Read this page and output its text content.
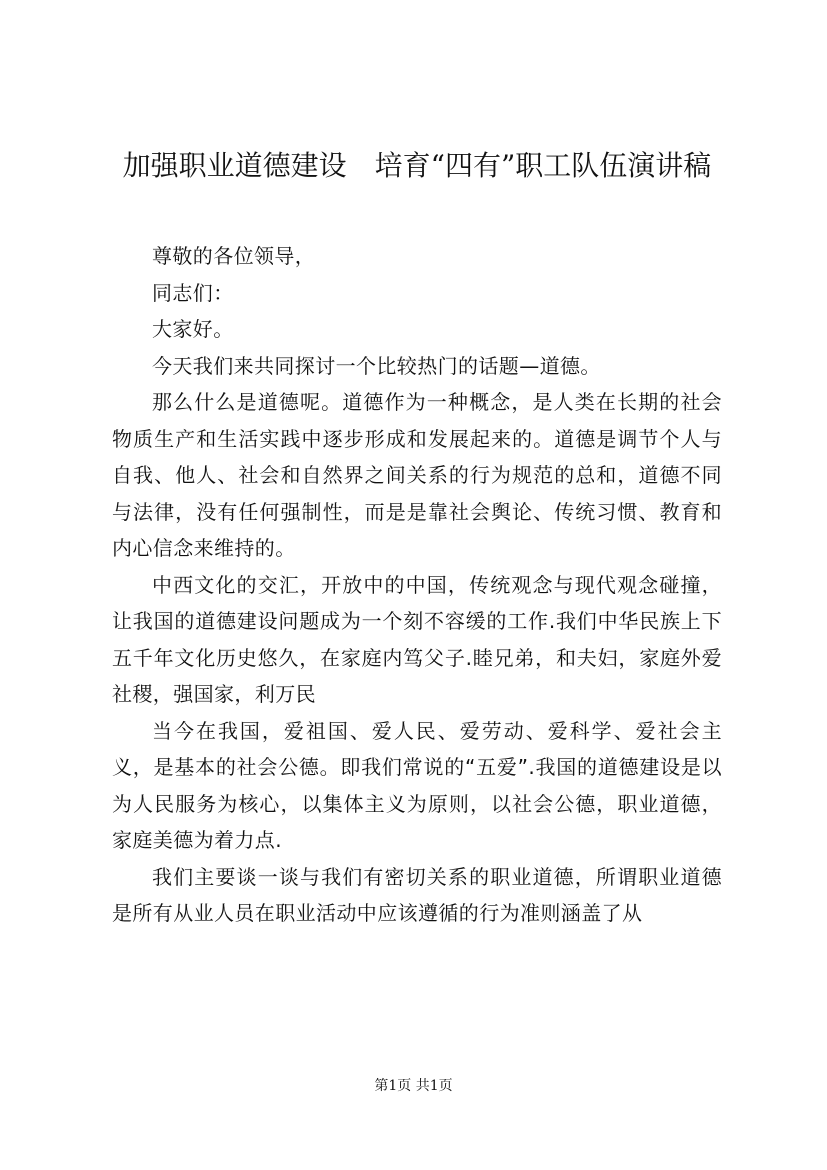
加强职业道德建设　培育“四有”职工队伍演讲稿

尊敬的各位领导，

同志们：

大家好。

今天我们来共同探讨一个比较热门的话题—道德。

那么什么是道德呢。道德作为一种概念，是人类在长期的社会物质生产和生活实践中逐步形成和发展起来的。道德是调节个人与自我、他人、社会和自然界之间关系的行为规范的总和，道德不同与法律，没有任何强制性，而是是靠社会舆论、传统习惯、教育和内心信念来维持的。

中西文化的交汇，开放中的中国，传统观念与现代观念碰撞，让我国的道德建设问题成为一个刻不容缓的工作.我们中华民族上下五千年文化历史悠久，在家庭内笃父子.睦兄弟，和夫妇，家庭外爱社稷，强国家，利万民

当今在我国，爱祖国、爱人民、爱劳动、爱科学、爱社会主义，是基本的社会公德。即我们常说的“五爱”.我国的道德建设是以为人民服务为核心，以集体主义为原则，以社会公德，职业道德，家庭美德为着力点.

我们主要谈一谈与我们有密切关系的职业道德，所谓职业道德是所有从业人员在职业活动中应该遵循的行为准则涵盖了从

第1页 共1页
